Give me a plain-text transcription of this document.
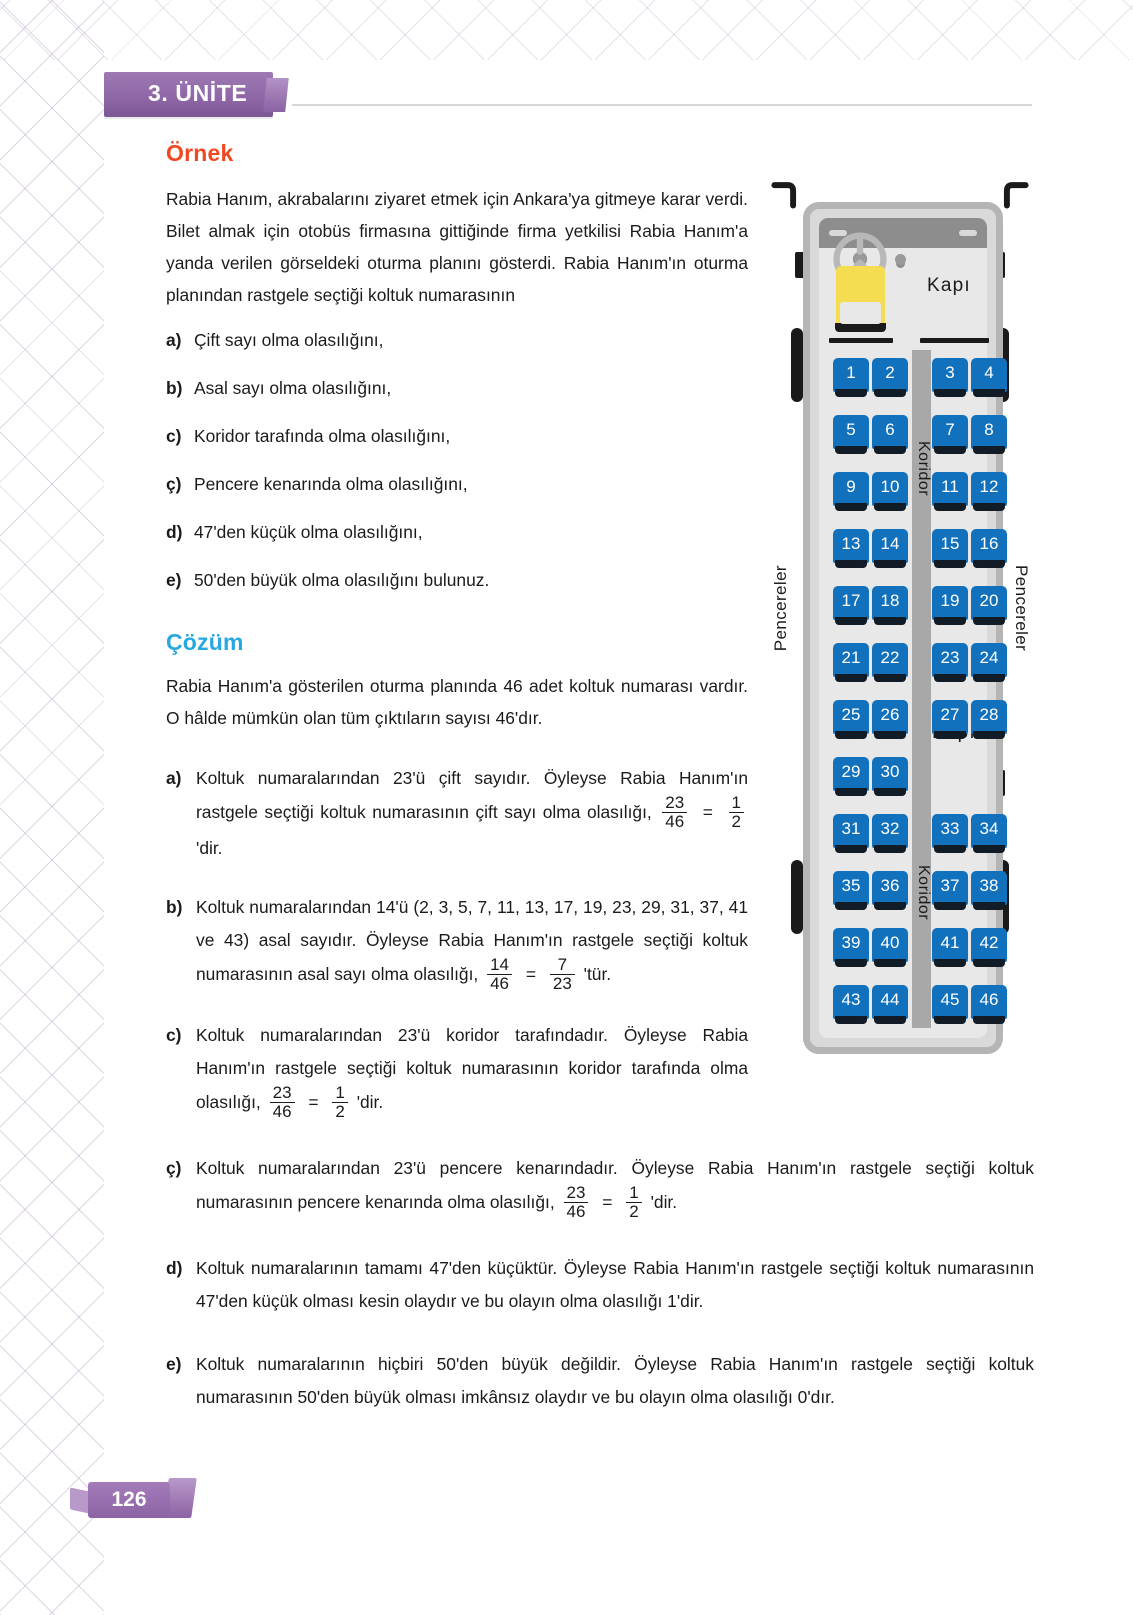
3. ÜNİTE
Örnek

Rabia Hanım, akrabalarını ziyaret etmek için Ankara'ya gitmeye karar verdi. Bilet almak için otobüs firmasına gittiğinde firma yetkilisi Rabia Hanım'a yanda verilen görseldeki oturma planını gösterdi. Rabia Hanım'ın oturma planından rastgele seçtiği koltuk numarasının

a) Çift sayı olma olasılığını,
b) Asal sayı olma olasılığını,
c) Koridor tarafında olma olasılığını,
ç) Pencere kenarında olma olasılığını,
d) 47'den küçük olma olasılığını,
e) 50'den büyük olma olasılığını bulunuz.
Çözüm

Rabia Hanım'a gösterilen oturma planında 46 adet koltuk numarası vardır. O hâlde mümkün olan tüm çıktıların sayısı 46'dır.

a) Koltuk numaralarından 23'ü çift sayıdır. Öyleyse Rabia Hanım'ın rastgele seçtiği koltuk numarasının çift sayı olma olasılığı, $\frac{23}{46} = \frac{1}{2}$
'dir.
b) Koltuk numaralarından 14'ü (2, 3, 5, 7, 11, 13, 17, 19, 23, 29, 31, 37, 41 ve 43) asal sayıdır. Öyleyse Rabia Hanım'ın rastgele seçtiği koltuk numarasının asal sayı olma olasılığı, $\frac{14}{46} = \frac{7}{23}$ 'tür.
c) Koltuk numaralarından 23'ü koridor tarafındadır. Öyleyse Rabia Hanım'ın rastgele seçtiği koltuk numarasının koridor tarafında olma olasılığı, $\frac{23}{46} = \frac{1}{2}$ 'dir.
ç) Koltuk numaralarından 23'ü pencere kenarındadır. Öyleyse Rabia Hanım'ın rastgele seçtiği koltuk numarasının pencere kenarında olma olasılığı, $\frac{23}{46} = \frac{1}{2}$ 'dir.
d) Koltuk numaralarının tamamı 47'den küçüktür. Öyleyse Rabia Hanım'ın rastgele seçtiği koltuk numarasının 47'den küçük olması kesin olaydır ve bu olayın olma olasılığı 1'dir.
e) Koltuk numaralarının hiçbiri 50'den büyük değildir. Öyleyse Rabia Hanım'ın rastgele seçtiği koltuk numarasının 50'den büyük olması imkânsız olaydır ve bu olayın olma olasılığı 0'dır.
Pencereler	Pencereler
Kapı
Koridor
Koridor
1	2	3	4
5	6	7	8
9	10	11	12
13	14	15	16
17	18	19	20
21	22	23	24
25	26	27	28
29	30
31	32	33	34
35	36	37	38
39	40	41	42
43	44	45	46
126
